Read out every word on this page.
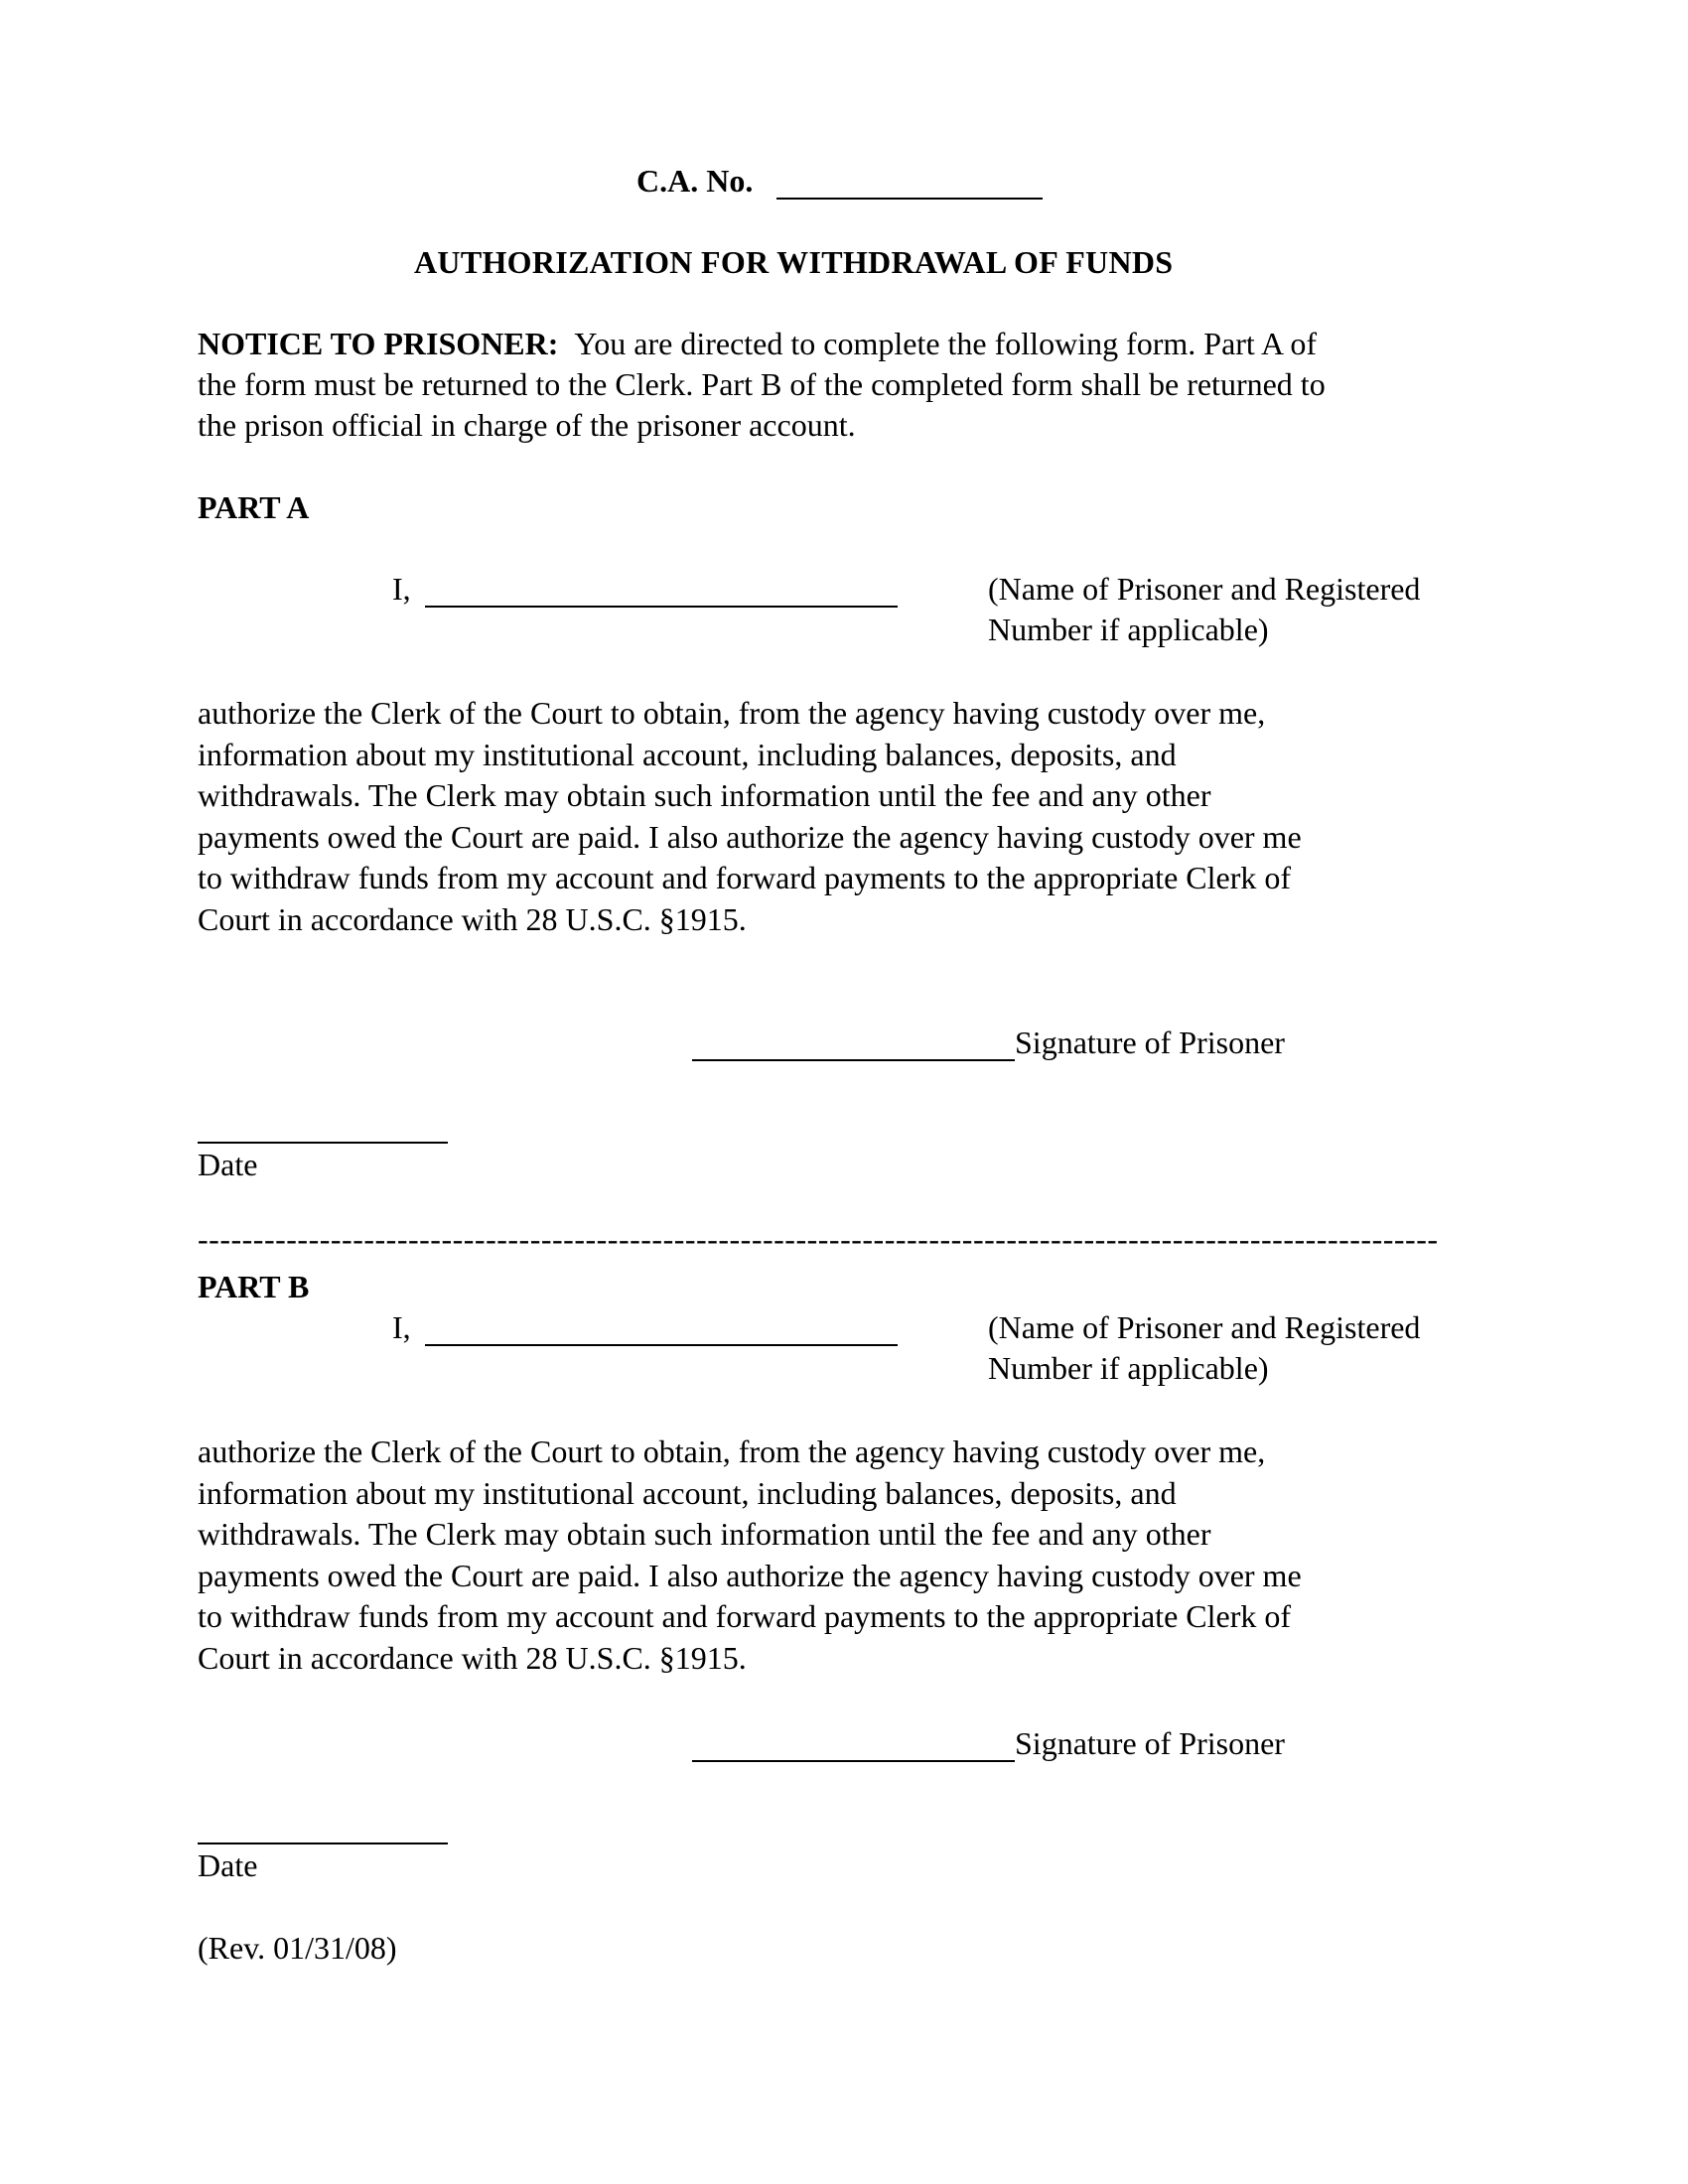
C.A. No.
AUTHORIZATION FOR WITHDRAWAL OF FUNDS
NOTICE TO PRISONER: You are directed to complete the following form. Part A of
the form must be returned to the Clerk. Part B of the completed form shall be returned to
the prison official in charge of the prisoner account.
PART A
I,	(Name of Prisoner and Registered
Number if applicable)
authorize the Clerk of the Court to obtain, from the agency having custody over me,
information about my institutional account, including balances, deposits, and
withdrawals. The Clerk may obtain such information until the fee and any other
payments owed the Court are paid. I also authorize the agency having custody over me
to withdraw funds from my account and forward payments to the appropriate Clerk of
Court in accordance with 28 U.S.C. §1915.
Signature of Prisoner
Date
----------------------------------------------------------------------------------------------------------------
PART B
I,	(Name of Prisoner and Registered
Number if applicable)
authorize the Clerk of the Court to obtain, from the agency having custody over me,
information about my institutional account, including balances, deposits, and
withdrawals. The Clerk may obtain such information until the fee and any other
payments owed the Court are paid. I also authorize the agency having custody over me
to withdraw funds from my account and forward payments to the appropriate Clerk of
Court in accordance with 28 U.S.C. §1915.
Signature of Prisoner
Date
(Rev. 01/31/08)
